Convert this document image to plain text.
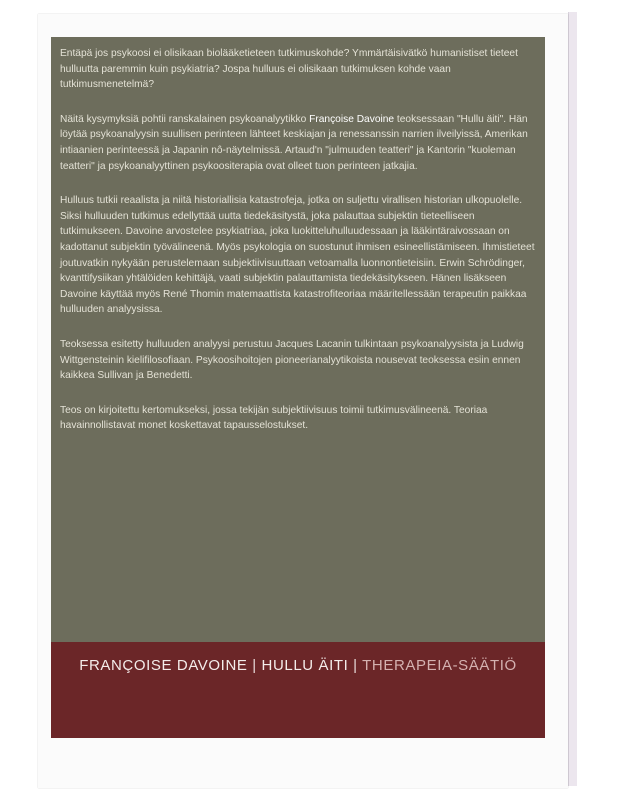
Entäpä jos psykoosi ei olisikaan biolääketieteen tutkimuskohde? Ymmärtäisivätkö humanistiset tieteet hulluutta paremmin kuin psykiatria? Jospa hulluus ei olisikaan tutkimuksen kohde vaan tutkimusmenetelmä?

Näitä kysymyksiä pohtii ranskalainen psykoanalyytikko Françoise Davoine teoksessaan "Hullu äiti". Hän löytää psykoanalyysin suullisen perinteen lähteet keskiajan ja renessanssin narrien ilveilyissä, Amerikan intiaanien perinteessä ja Japanin nô-näytelmissä. Artaud'n "julmuuden teatteri" ja Kantorin "kuoleman teatteri" ja psykoanalyyttinen psykoositerapia ovat olleet tuon perinteen jatkajia.

Hulluus tutkii reaalista ja niitä historiallisia katastrofeja, jotka on suljettu virallisen historian ulkopuolelle. Siksi hulluuden tutkimus edellyttää uutta tiedekäsitystä, joka palauttaa subjektin tieteelliseen tutkimukseen. Davoine arvostelee psykiatriaa, joka luokitteluhulluudessaan ja lääkintäraivossaan on kadottanut subjektin työvälineenä. Myös psykologia on suostunut ihmisen esineellistämiseen. Ihmistieteet joutuvatkin nykyään perustelemaan subjektiivisuuttaan vetoamalla luonnontieteisiin. Erwin Schrödinger, kvanttifysiikan yhtälöiden kehittäjä, vaati subjektin palauttamista tiedekäsitykseen. Hänen lisäkseen Davoine käyttää myös René Thomin matemaattista katastrofiteoriaa määritellessään terapeutin paikkaa hulluuden analyysissa.

Teoksessa esitetty hulluuden analyysi perustuu Jacques Lacanin tulkintaan psykoanalyysista ja Ludwig Wittgensteinin kielifilosofiaan. Psykoosihoitojen pioneerianalyytikoista nousevat teoksessa esiin ennen kaikkea Sullivan ja Benedetti.

Teos on kirjoitettu kertomukseksi, jossa tekijän subjektiivisuus toimii tutkimusvälineenä. Teoriaa havainnollistavat monet koskettavat tapausselostukset.

FRANÇOISE DAVOINE | HULLU ÄITI | THERAPEIA-SÄÄTIÖ
